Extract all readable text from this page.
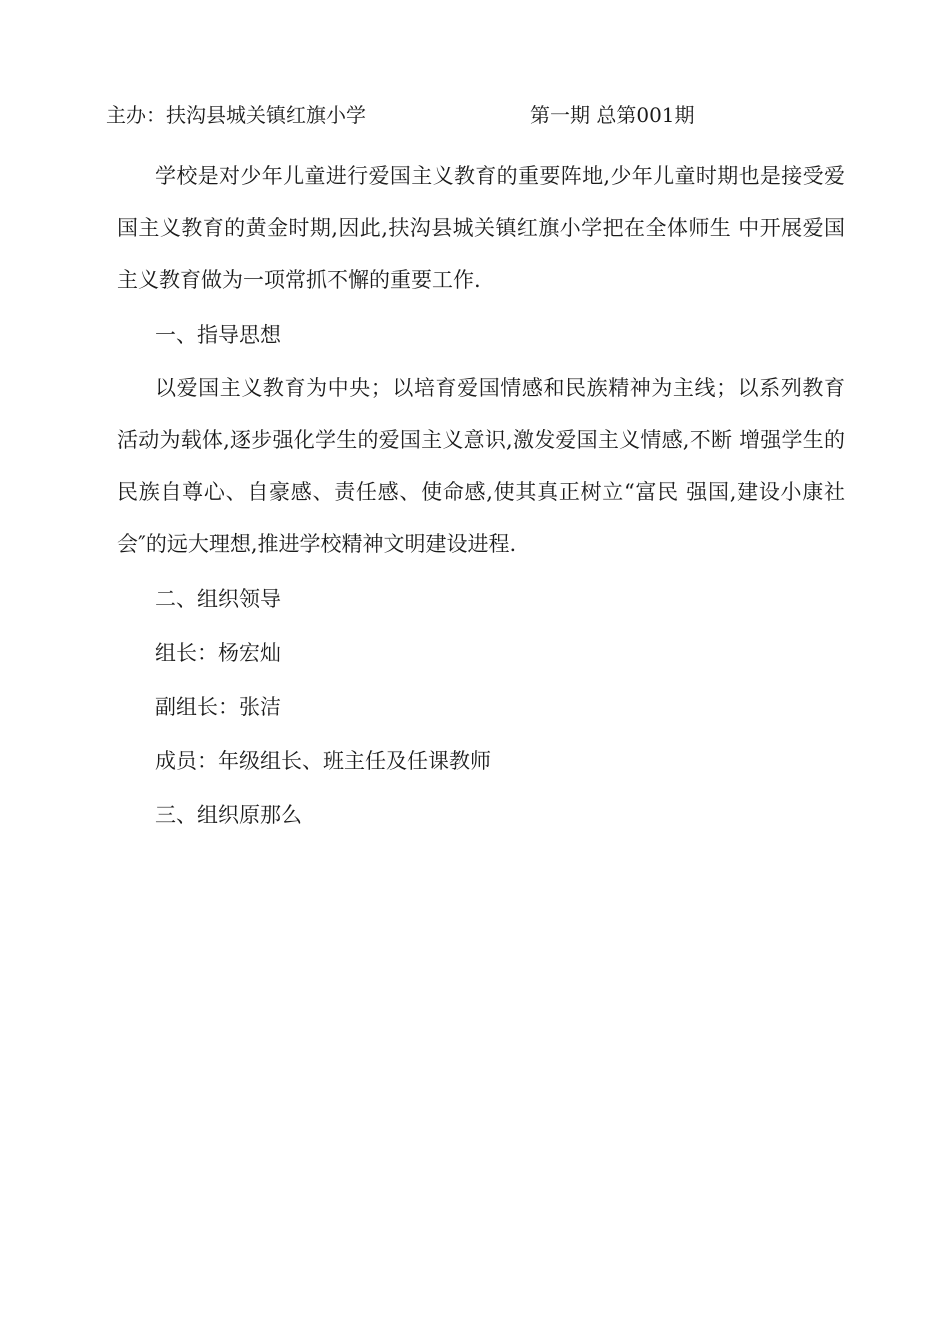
主办：扶沟县城关镇红旗小学	第一期 总第001期

学校是对少年儿童进行爱国主义教育的重要阵地,少年儿童时期也是接受爱国主义教育的黄金时期,因此,扶沟县城关镇红旗小学把在全体师生 中开展爱国主义教育做为一项常抓不懈的重要工作.

一、指导思想

以爱国主义教育为中央；以培育爱国情感和民族精神为主线；以系列教育活动为载体,逐步强化学生的爱国主义意识,激发爱国主义情感,不断 增强学生的民族自尊心、自豪感、责任感、使命感,使其真正树立“富民 强国,建设小康社会″的远大理想,推进学校精神文明建设进程.

二、组织领导

组长：杨宏灿

副组长：张洁

成员：年级组长、班主任及任课教师

三、组织原那么
